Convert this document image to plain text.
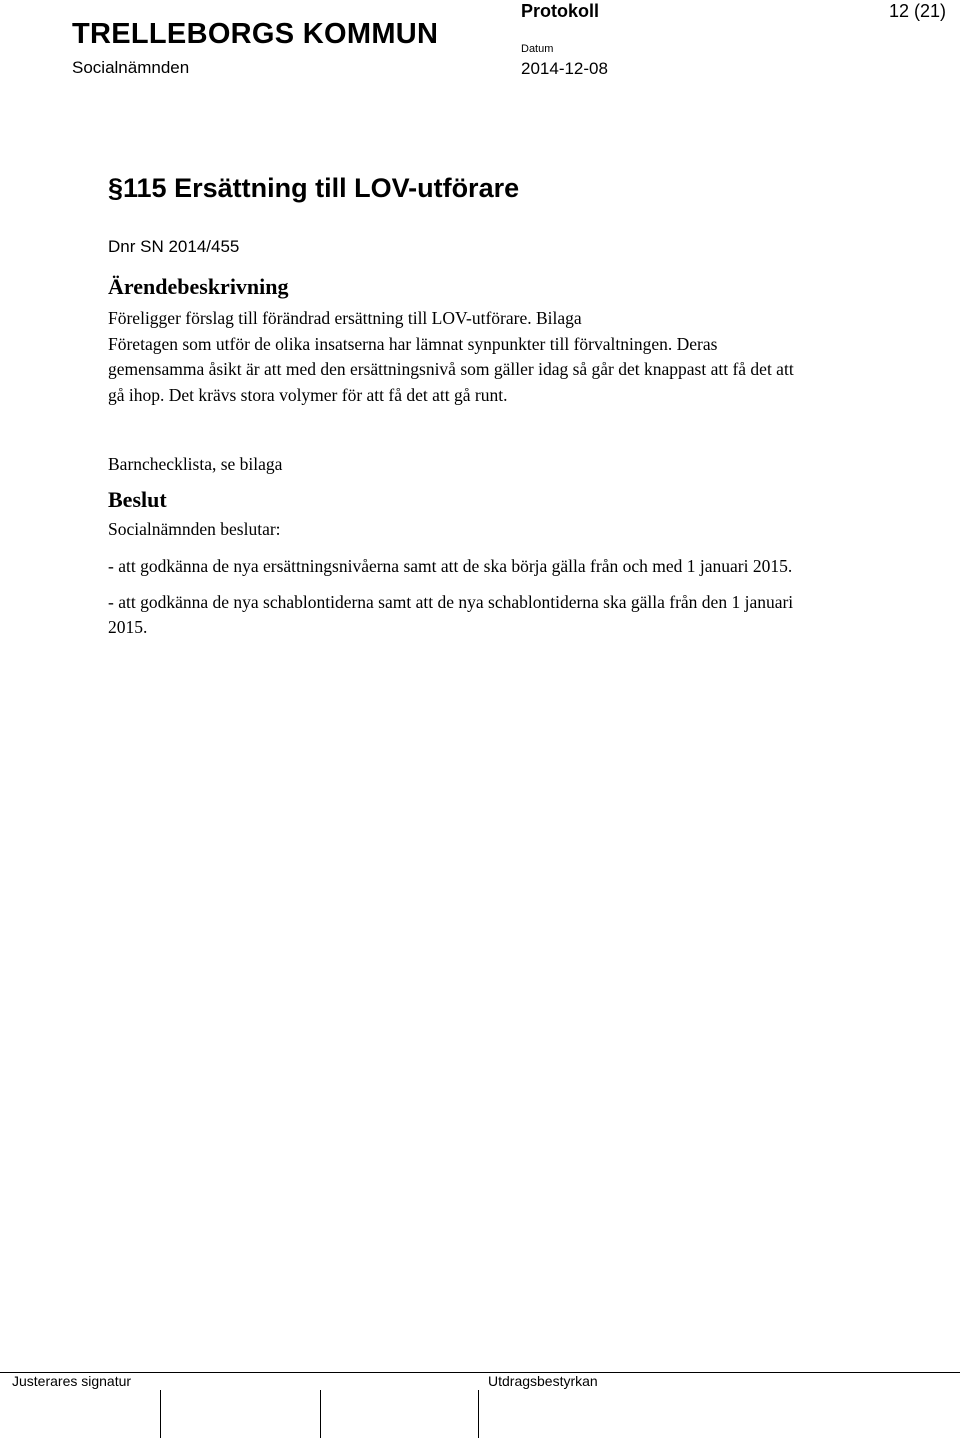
TRELLEBORGS KOMMUN
Socialnämnden
Protokoll	12 (21)
Datum
2014-12-08
§115 Ersättning till LOV-utförare
Dnr SN 2014/455
Ärendebeskrivning

Föreligger förslag till förändrad ersättning till LOV-utförare. Bilaga

Företagen som utför de olika insatserna har lämnat synpunkter till förvaltningen. Deras gemensamma åsikt är att med den ersättningsnivå som gäller idag så går det knappast att få det att gå ihop. Det krävs stora volymer för att få det att gå runt.

Barnchecklista, se bilaga

Beslut

Socialnämnden beslutar:

- att godkänna de nya ersättningsnivåerna samt att de ska börja gälla från och med 1 januari 2015.

- att godkänna de nya schablontiderna samt att de nya schablontiderna ska gälla från den 1 januari 2015.

Justerares signatur	Utdragsbestyrkan
